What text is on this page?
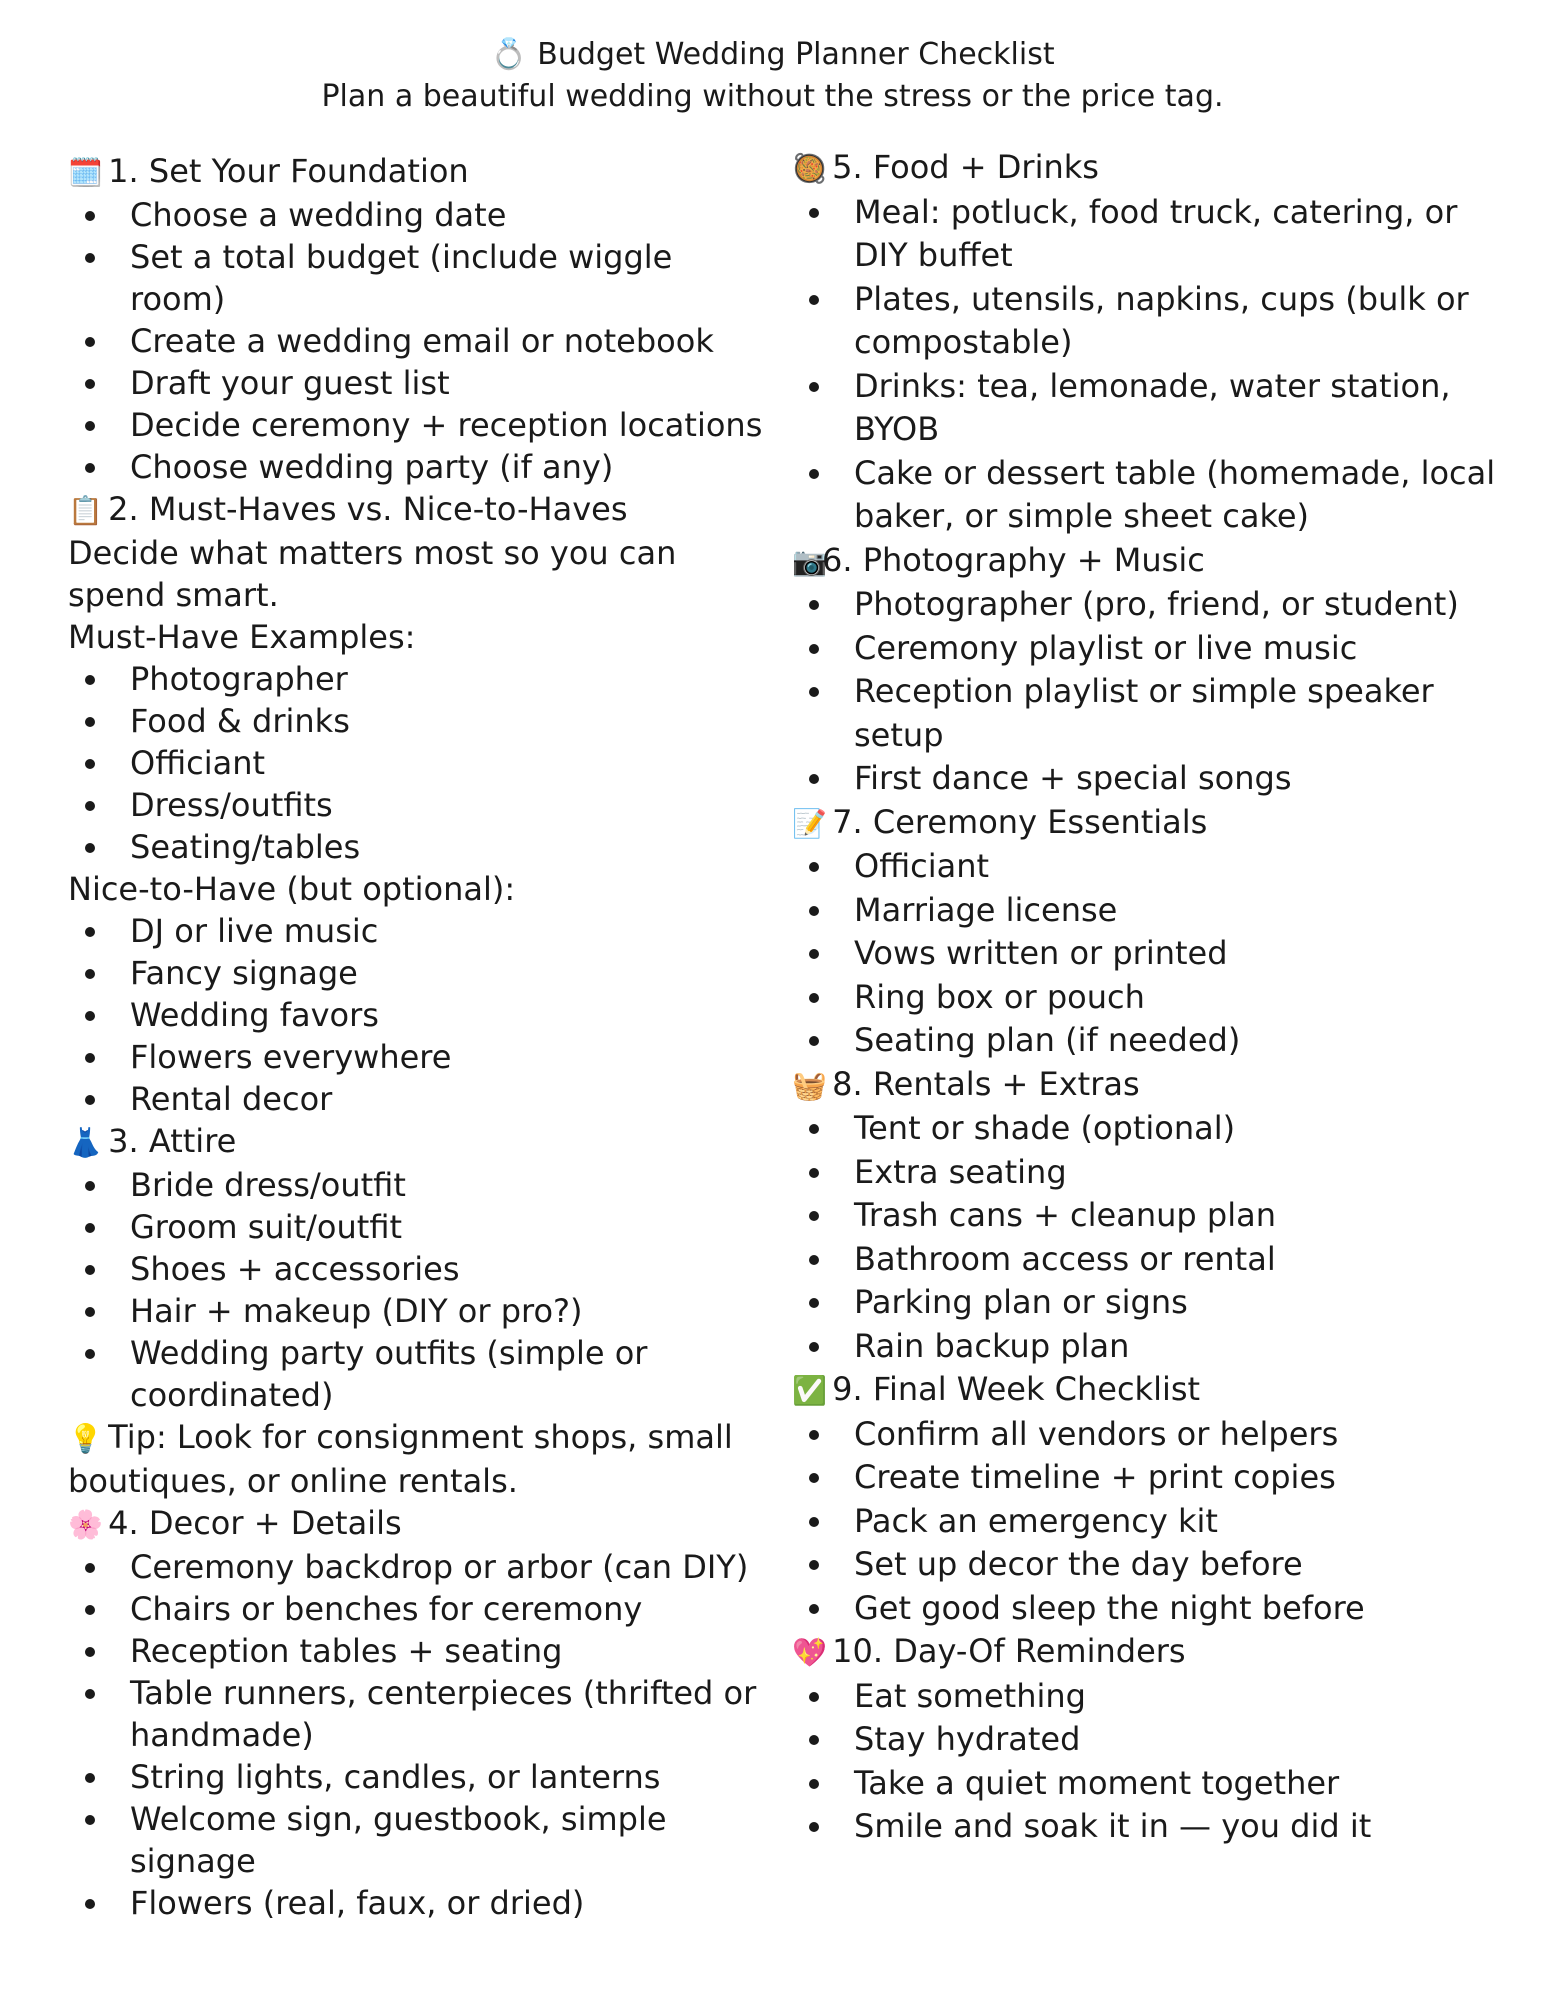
💍 Budget Wedding Planner Checklist
Plan a beautiful wedding without the stress or the price tag.
🗓️ 1. Set Your Foundation
Choose a wedding date
Set a total budget (include wiggle room)
Create a wedding email or notebook
Draft your guest list
Decide ceremony + reception locations
Choose wedding party (if any)
📋 2. Must-Haves vs. Nice-to-Haves

Decide what matters most so you can spend smart.

Must-Have Examples:

Photographer
Food & drinks
Officiant
Dress/outfits
Seating/tables

Nice-to-Have (but optional):

DJ or live music
Fancy signage
Wedding favors
Flowers everywhere
Rental decor
👗 3. Attire
Bride dress/outfit
Groom suit/outfit
Shoes + accessories
Hair + makeup (DIY or pro?)
Wedding party outfits (simple or coordinated)

💡 Tip: Look for consignment shops, small boutiques, or online rentals.

🌸 4. Decor + Details
Ceremony backdrop or arbor (can DIY)
Chairs or benches for ceremony
Reception tables + seating
Table runners, centerpieces (thrifted or handmade)
String lights, candles, or lanterns
Welcome sign, guestbook, simple signage
Flowers (real, faux, or dried)
🥘 5. Food + Drinks
Meal: potluck, food truck, catering, or DIY buffet
Plates, utensils, napkins, cups (bulk or compostable)
Drinks: tea, lemonade, water station, BYOB
Cake or dessert table (homemade, local baker, or simple sheet cake)
📷6. Photography + Music
Photographer (pro, friend, or student)
Ceremony playlist or live music
Reception playlist or simple speaker setup
First dance + special songs
📝 7. Ceremony Essentials
Officiant
Marriage license
Vows written or printed
Ring box or pouch
Seating plan (if needed)
🧺 8. Rentals + Extras
Tent or shade (optional)
Extra seating
Trash cans + cleanup plan
Bathroom access or rental
Parking plan or signs
Rain backup plan
✅ 9. Final Week Checklist
Confirm all vendors or helpers
Create timeline + print copies
Pack an emergency kit
Set up decor the day before
Get good sleep the night before
💖 10. Day-Of Reminders
Eat something
Stay hydrated
Take a quiet moment together
Smile and soak it in — you did it
